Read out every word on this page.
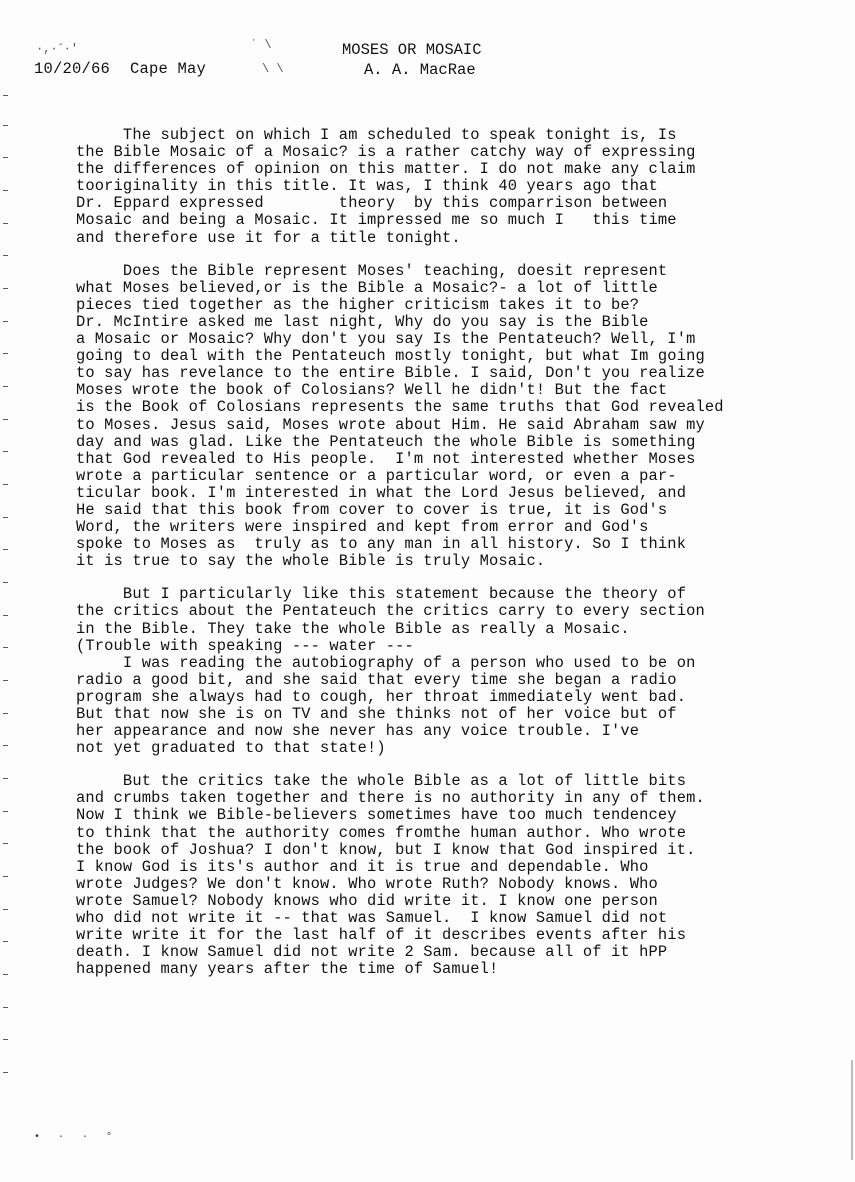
·,·-·'	˙ \
\ \
10/20/66 Cape May
MOSES OR MOSAIC
A. A. MacRae
The subject on which I am scheduled to speak tonight is, Is
the Bible Mosaic of a Mosaic? is a rather catchy way of expressing
the differences of opinion on this matter. I do not make any claim
tooriginality in this title. It was, I think 40 years ago that
Dr. Eppard expressed        theory  by this comparrison between
Mosaic and being a Mosaic. It impressed me so much I   this time
and therefore use it for a title tonight.
Does the Bible represent Moses' teaching, doesit represent
what Moses believed,or is the Bible a Mosaic?- a lot of little
pieces tied together as the higher criticism takes it to be?
Dr. McIntire asked me last night, Why do you say is the Bible
a Mosaic or Mosaic? Why don't you say Is the Pentateuch? Well, I'm
going to deal with the Pentateuch mostly tonight, but what Im going
to say has revelance to the entire Bible. I said, Don't you realize
Moses wrote the book of Colosians? Well he didn't! But the fact
is the Book of Colosians represents the same truths that God revealed
to Moses. Jesus said, Moses wrote about Him. He said Abraham saw my
day and was glad. Like the Pentateuch the whole Bible is something
that God revealed to His people.  I'm not interested whether Moses
wrote a particular sentence or a particular word, or even a par-
ticular book. I'm interested in what the Lord Jesus believed, and
He said that this book from cover to cover is true, it is God's
Word, the writers were inspired and kept from error and God's
spoke to Moses as  truly as to any man in all history. So I think
it is true to say the whole Bible is truly Mosaic.
But I particularly like this statement because the theory of
the critics about the Pentateuch the critics carry to every section
in the Bible. They take the whole Bible as really a Mosaic.
(Trouble with speaking --- water ---
I was reading the autobiography of a person who used to be on
radio a good bit, and she said that every time she began a radio
program she always had to cough, her throat immediately went bad.
But that now she is on TV and she thinks not of her voice but of
her appearance and now she never has any voice trouble. I've
not yet graduated to that state!)
But the critics take the whole Bible as a lot of little bits
and crumbs taken together and there is no authority in any of them.
Now I think we Bible-believers sometimes have too much tendencey
to think that the authority comes fromthe human author. Who wrote
the book of Joshua? I don't know, but I know that God inspired it.
I know God is its's author and it is true and dependable. Who
wrote Judges? We don't know. Who wrote Ruth? Nobody knows. Who
wrote Samuel? Nobody knows who did write it. I know one person
who did not write it -- that was Samuel.  I know Samuel did not
write write it for the last half of it describes events after his
death. I know Samuel did not write 2 Sam. because all of it hPP
happened many years after the time of Samuel!
• · · °
